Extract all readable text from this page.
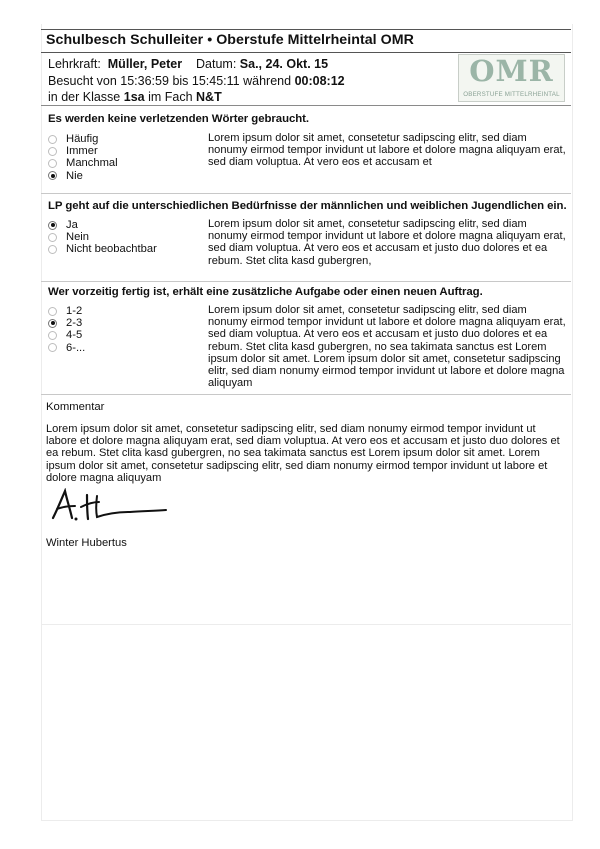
Schulbesch Schulleiter • Oberstufe Mittelrheintal OMR
Lehrkraft: Müller, Peter Datum: Sa., 24. Okt. 15
Besucht von 15:36:59 bis 15:45:11 während 00:08:12
in der Klasse 1sa im Fach N&T
OMR
OBERSTUFE MITTELRHEINTAL
Es werden keine verletzenden Wörter gebraucht.
Häufig
Immer
Manchmal
Nie
Lorem ipsum dolor sit amet, consetetur sadipscing elitr, sed diam nonumy eirmod tempor invidunt ut labore et dolore magna aliquyam erat, sed diam voluptua. At vero eos et accusam et
LP geht auf die unterschiedlichen Bedürfnisse der männlichen und weiblichen Jugendlichen ein.
Ja
Nein
Nicht beobachtbar
Lorem ipsum dolor sit amet, consetetur sadipscing elitr, sed diam nonumy eirmod tempor invidunt ut labore et dolore magna aliquyam erat, sed diam voluptua. At vero eos et accusam et justo duo dolores et ea rebum. Stet clita kasd gubergren,
Wer vorzeitig fertig ist, erhält eine zusätzliche Aufgabe oder einen neuen Auftrag.
1-2
2-3
4-5
6-...
Lorem ipsum dolor sit amet, consetetur sadipscing elitr, sed diam nonumy eirmod tempor invidunt ut labore et dolore magna aliquyam erat, sed diam voluptua. At vero eos et accusam et justo duo dolores et ea rebum. Stet clita kasd gubergren, no sea takimata sanctus est Lorem ipsum dolor sit amet. Lorem ipsum dolor sit amet, consetetur sadipscing elitr, sed diam nonumy eirmod tempor invidunt ut labore et dolore magna aliquyam
Kommentar
Lorem ipsum dolor sit amet, consetetur sadipscing elitr, sed diam nonumy eirmod tempor invidunt ut labore et dolore magna aliquyam erat, sed diam voluptua. At vero eos et accusam et justo duo dolores et ea rebum. Stet clita kasd gubergren, no sea takimata sanctus est Lorem ipsum dolor sit amet. Lorem ipsum dolor sit amet, consetetur sadipscing elitr, sed diam nonumy eirmod tempor invidunt ut labore et dolore magna aliquyam
Winter Hubertus
